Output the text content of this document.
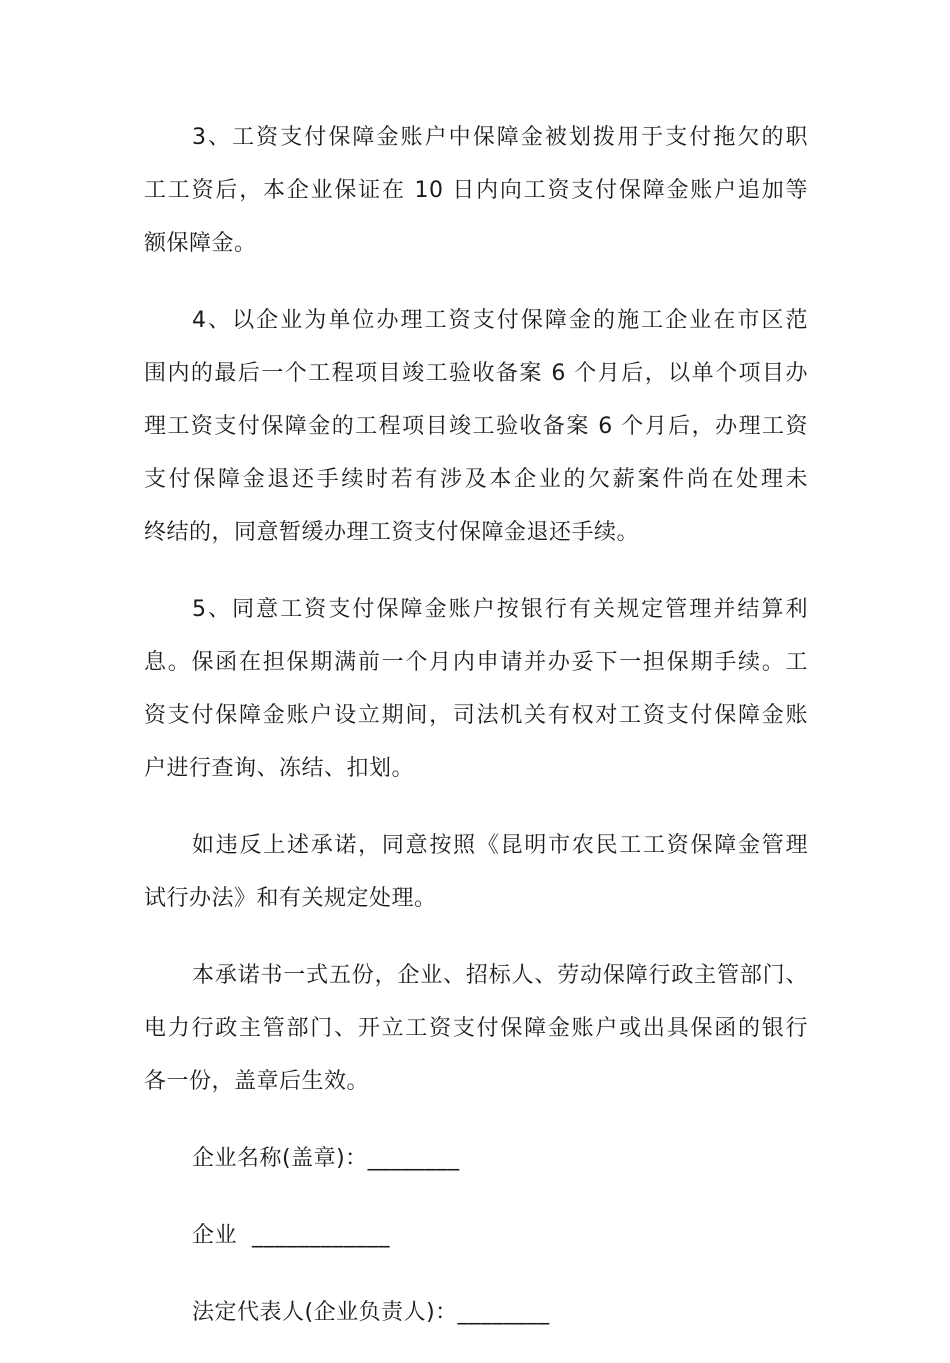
3、工资支付保障金账户中保障金被划拨用于支付拖欠的职
工工资后，本企业保证在 10 日内向工资支付保障金账户追加等
额保障金。
4、以企业为单位办理工资支付保障金的施工企业在市区范
围内的最后一个工程项目竣工验收备案 6 个月后，以单个项目办
理工资支付保障金的工程项目竣工验收备案 6 个月后，办理工资
支付保障金退还手续时若有涉及本企业的欠薪案件尚在处理未
终结的，同意暂缓办理工资支付保障金退还手续。
5、同意工资支付保障金账户按银行有关规定管理并结算利
息。保函在担保期满前一个月内申请并办妥下一担保期手续。工
资支付保障金账户设立期间，司法机关有权对工资支付保障金账
户进行查询、冻结、扣划。
如违反上述承诺，同意按照《昆明市农民工工资保障金管理
试行办法》和有关规定处理。
本承诺书一式五份，企业、招标人、劳动保障行政主管部门、
电力行政主管部门、开立工资支付保障金账户或出具保函的银行
各一份，盖章后生效。
企业名称(盖章)：________
企业  ____________
法定代表人(企业负责人)：________
